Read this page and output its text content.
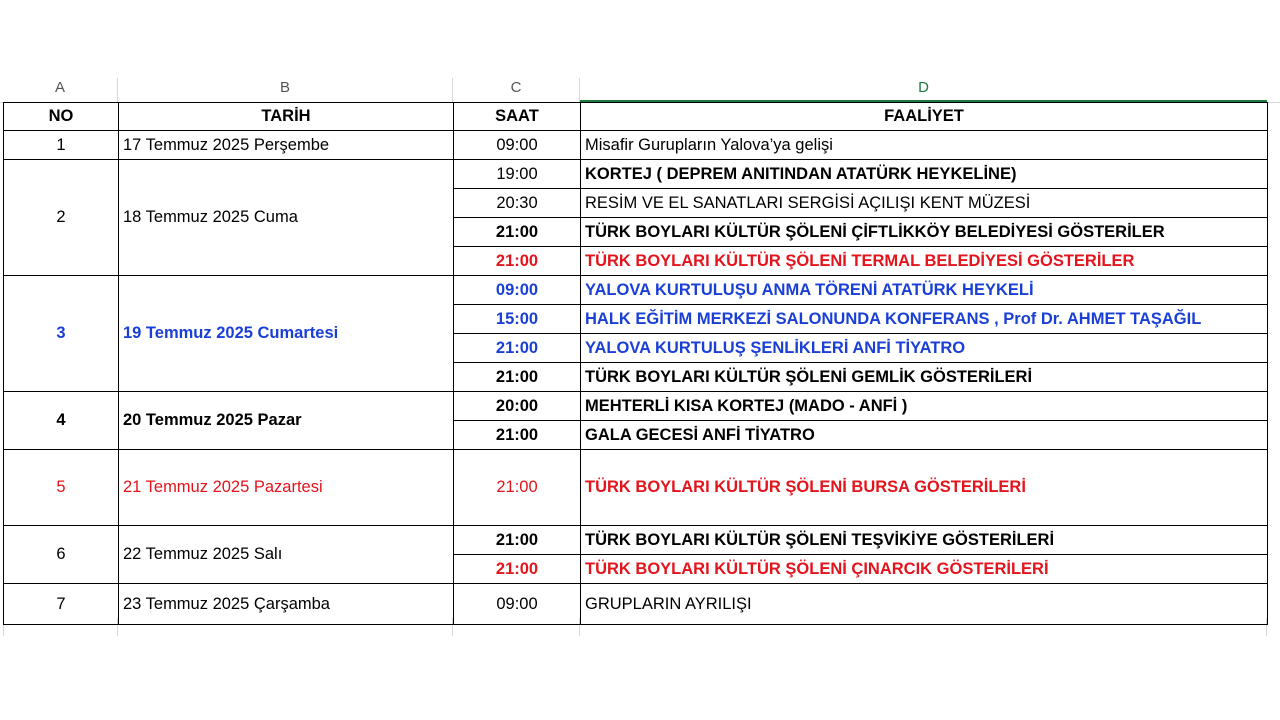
A	B	C	D
NO	TARİH	SAAT	FAALİYET
1	17 Temmuz 2025 Perşembe	09:00	Misafir Gurupların Yalova’ya gelişi
2	18 Temmuz 2025 Cuma	19:00	KORTEJ ( DEPREM ANITINDAN ATATÜRK HEYKELİNE)
		20:30	RESİM VE EL SANATLARI SERGİSİ AÇILIŞI KENT MÜZESİ
		21:00	TÜRK BOYLARI KÜLTÜR ŞÖLENİ ÇİFTLİKKÖY BELEDİYESİ GÖSTERİLER
		21:00	TÜRK BOYLARI KÜLTÜR ŞÖLENİ TERMAL BELEDİYESİ GÖSTERİLER
3	19 Temmuz 2025 Cumartesi	09:00	YALOVA KURTULUŞU ANMA TÖRENİ ATATÜRK HEYKELİ
		15:00	HALK EĞİTİM MERKEZİ SALONUNDA KONFERANS , Prof Dr. AHMET TAŞAĞIL
		21:00	YALOVA KURTULUŞ ŞENLİKLERİ ANFİ TİYATRO
		21:00	TÜRK BOYLARI KÜLTÜR ŞÖLENİ GEMLİK GÖSTERİLERİ
4	20 Temmuz 2025 Pazar	20:00	MEHTERLİ KISA KORTEJ (MADO - ANFİ )
		21:00	GALA GECESİ ANFİ TİYATRO
5	21 Temmuz 2025 Pazartesi	21:00	TÜRK BOYLARI KÜLTÜR ŞÖLENİ BURSA GÖSTERİLERİ
6	22 Temmuz 2025 Salı	21:00	TÜRK BOYLARI KÜLTÜR ŞÖLENİ TEŞVİKİYE GÖSTERİLERİ
		21:00	TÜRK BOYLARI KÜLTÜR ŞÖLENİ ÇINARCIK GÖSTERİLERİ
7	23 Temmuz 2025 Çarşamba	09:00	GRUPLARIN AYRILIŞI
